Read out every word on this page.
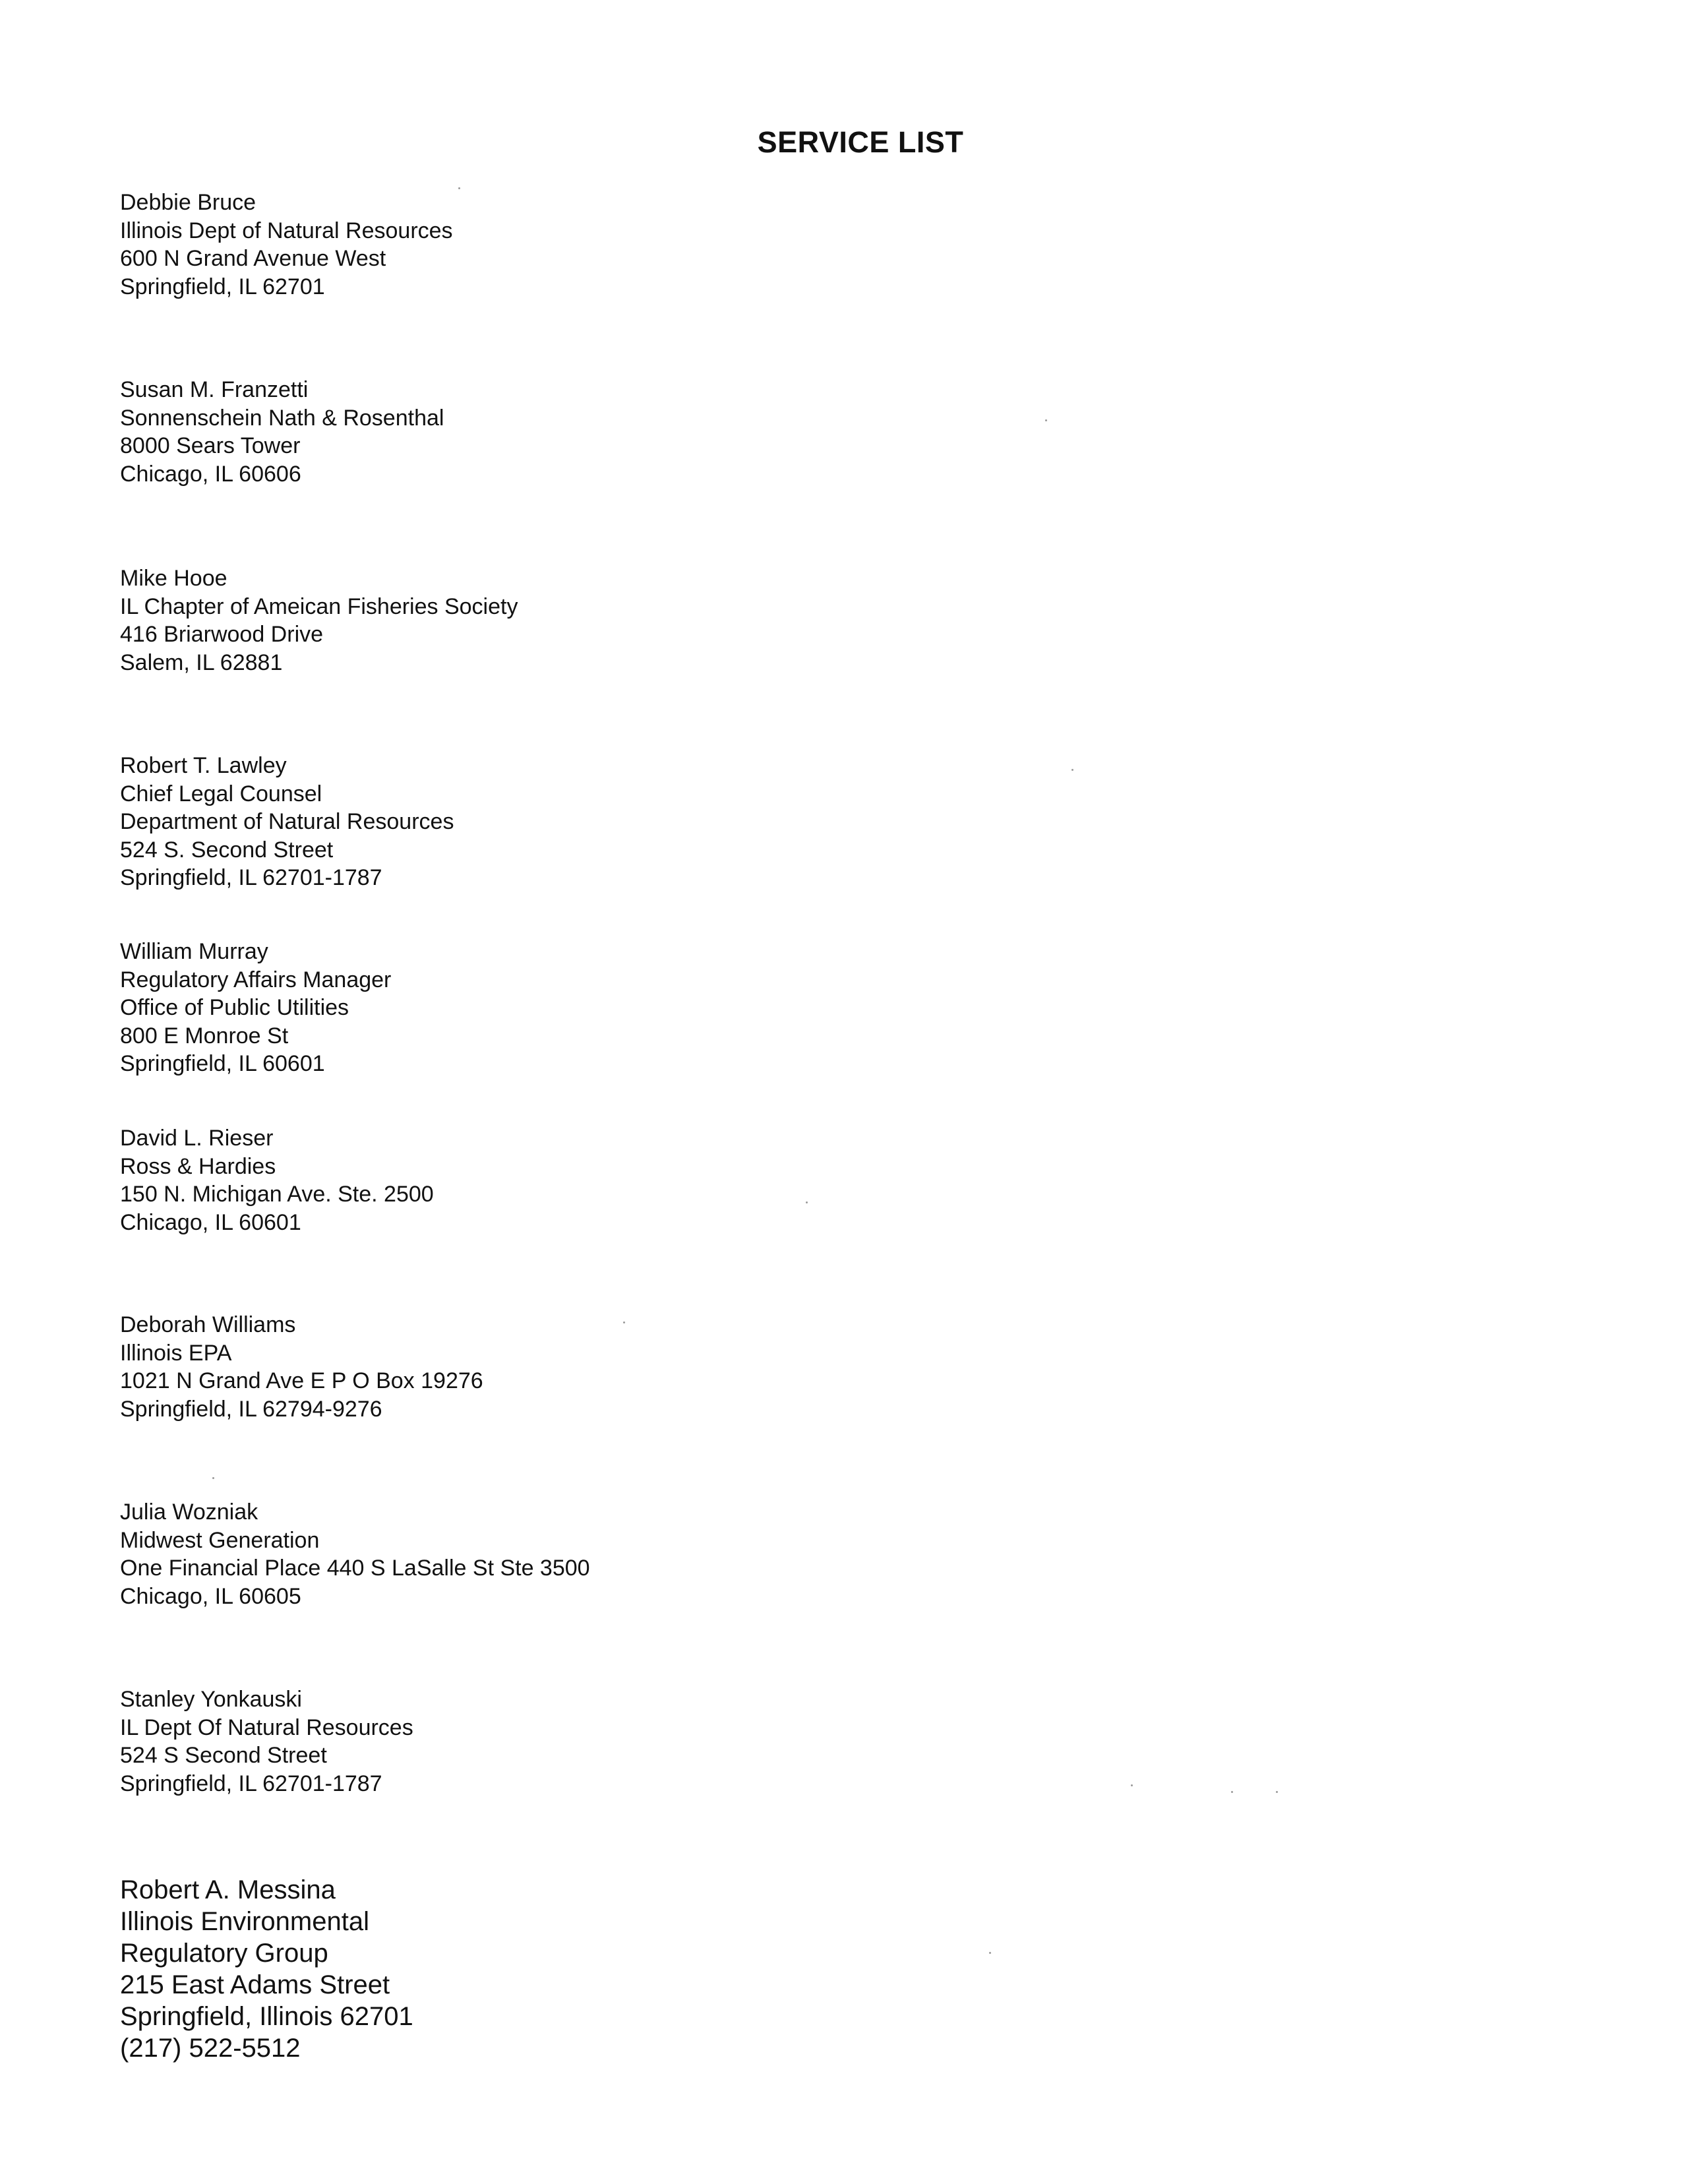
SERVICE LIST
Debbie Bruce
Illinois Dept of Natural Resources
600 N Grand Avenue West
Springfield, IL 62701
Susan M. Franzetti
Sonnenschein Nath & Rosenthal
8000 Sears Tower
Chicago, IL 60606
Mike Hooe
IL Chapter of Ameican Fisheries Society
416 Briarwood Drive
Salem, IL 62881
Robert T. Lawley
Chief Legal Counsel
Department of Natural Resources
524 S. Second Street
Springfield, IL 62701-1787
William Murray
Regulatory Affairs Manager
Office of Public Utilities
800 E Monroe St
Springfield, IL 60601
David L. Rieser
Ross & Hardies
150 N. Michigan Ave. Ste. 2500
Chicago, IL 60601
Deborah Williams
Illinois EPA
1021 N Grand Ave E P O Box 19276
Springfield, IL 62794-9276
Julia Wozniak
Midwest Generation
One Financial Place 440 S LaSalle St Ste 3500
Chicago, IL 60605
Stanley Yonkauski
IL Dept Of Natural Resources
524 S Second Street
Springfield, IL 62701-1787
Robert A. Messina
Illinois Environmental
Regulatory Group
215 East Adams Street
Springfield, Illinois 62701
(217) 522-5512
